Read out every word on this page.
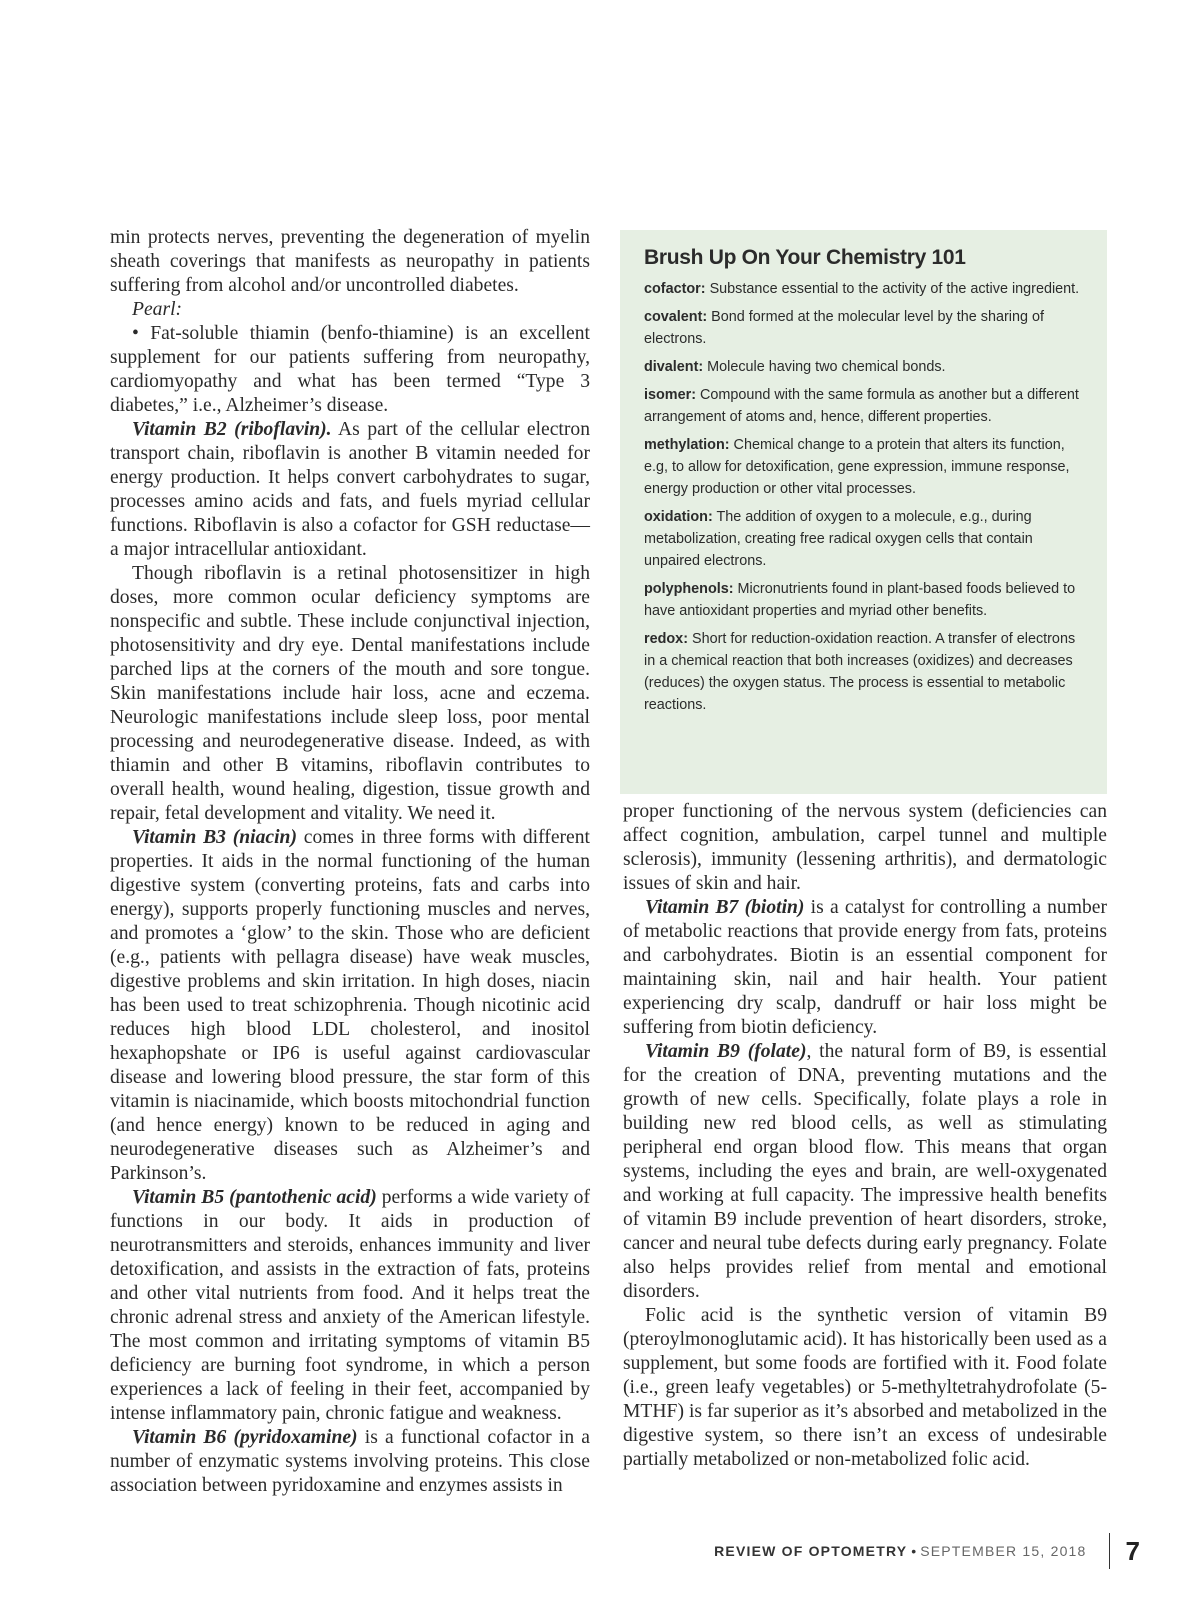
min protects nerves, preventing the degeneration of myelin sheath coverings that manifests as neuropathy in patients suffering from alcohol and/or uncontrolled diabetes.

Pearl:

• Fat-soluble thiamin (benfo-thiamine) is an excellent supplement for our patients suffering from neuropathy, cardiomyopathy and what has been termed “Type 3 diabetes,” i.e., Alzheimer’s disease.

Vitamin B2 (riboflavin). As part of the cellular electron transport chain, riboflavin is another B vitamin needed for energy production. It helps convert carbohydrates to sugar, processes amino acids and fats, and fuels myriad cellular functions. Riboflavin is also a cofactor for GSH reductase—a major intracellular antioxidant.

Though riboflavin is a retinal photosensitizer in high doses, more common ocular deficiency symptoms are nonspecific and subtle. These include conjunctival injection, photosensitivity and dry eye. Dental manifestations include parched lips at the corners of the mouth and sore tongue. Skin manifestations include hair loss, acne and eczema. Neurologic manifestations include sleep loss, poor mental processing and neurodegenerative disease. Indeed, as with thiamin and other B vitamins, riboflavin contributes to overall health, wound healing, digestion, tissue growth and repair, fetal development and vitality. We need it.

Vitamin B3 (niacin) comes in three forms with different properties. It aids in the normal functioning of the human digestive system (converting proteins, fats and carbs into energy), supports properly functioning muscles and nerves, and promotes a ‘glow’ to the skin. Those who are deficient (e.g., patients with pellagra disease) have weak muscles, digestive problems and skin irritation. In high doses, niacin has been used to treat schizophrenia. Though nicotinic acid reduces high blood LDL cholesterol, and inositol hexaphopshate or IP6 is useful against cardiovascular disease and lowering blood pressure, the star form of this vitamin is niacinamide, which boosts mitochondrial function (and hence energy) known to be reduced in aging and neurodegenerative diseases such as Alzheimer’s and Parkinson’s.

Vitamin B5 (pantothenic acid) performs a wide variety of functions in our body. It aids in production of neurotransmitters and steroids, enhances immunity and liver detoxification, and assists in the extraction of fats, proteins and other vital nutrients from food. And it helps treat the chronic adrenal stress and anxiety of the American lifestyle. The most common and irritating symptoms of vitamin B5 deficiency are burning foot syndrome, in which a person experiences a lack of feeling in their feet, accompanied by intense inflammatory pain, chronic fatigue and weakness.

Vitamin B6 (pyridoxamine) is a functional cofactor in a number of enzymatic systems involving proteins. This close association between pyridoxamine and enzymes assists in

Brush Up On Your Chemistry 101

cofactor: Substance essential to the activity of the active ingredient.

covalent: Bond formed at the molecular level by the sharing of electrons.

divalent: Molecule having two chemical bonds.

isomer: Compound with the same formula as another but a different arrangement of atoms and, hence, different properties.

methylation: Chemical change to a protein that alters its function, e.g, to allow for detoxification, gene expression, immune response, energy production or other vital processes.

oxidation: The addition of oxygen to a molecule, e.g., during metabolization, creating free radical oxygen cells that contain unpaired electrons.

polyphenols: Micronutrients found in plant-based foods believed to have antioxidant properties and myriad other benefits.

redox: Short for reduction-oxidation reaction. A transfer of electrons in a chemical reaction that both increases (oxidizes) and decreases (reduces) the oxygen status. The process is essential to metabolic reactions.

proper functioning of the nervous system (deficiencies can affect cognition, ambulation, carpel tunnel and multiple sclerosis), immunity (lessening arthritis), and dermatologic issues of skin and hair.

Vitamin B7 (biotin) is a catalyst for controlling a number of metabolic reactions that provide energy from fats, proteins and carbohydrates. Biotin is an essential component for maintaining skin, nail and hair health. Your patient experiencing dry scalp, dandruff or hair loss might be suffering from biotin deficiency.

Vitamin B9 (folate), the natural form of B9, is essential for the creation of DNA, preventing mutations and the growth of new cells. Specifically, folate plays a role in building new red blood cells, as well as stimulating peripheral end organ blood flow. This means that organ systems, including the eyes and brain, are well-oxygenated and working at full capacity. The impressive health benefits of vitamin B9 include prevention of heart disorders, stroke, cancer and neural tube defects during early pregnancy. Folate also helps provides relief from mental and emotional disorders.

Folic acid is the synthetic version of vitamin B9 (pteroylmonoglutamic acid). It has historically been used as a supplement, but some foods are fortified with it. Food folate (i.e., green leafy vegetables) or 5-methyltetrahydrofolate (5-MTHF) is far superior as it’s absorbed and metabolized in the digestive system, so there isn’t an excess of undesirable partially metabolized or non-metabolized folic acid.

REVIEW OF OPTOMETRY • SEPTEMBER 15, 2018 7
